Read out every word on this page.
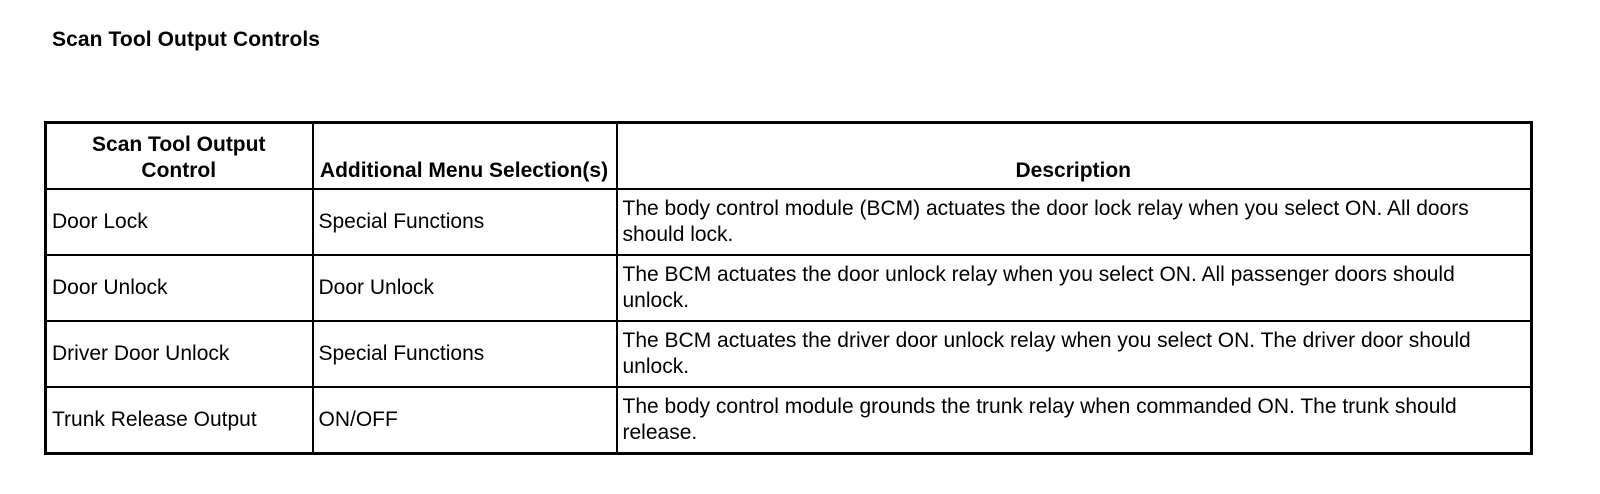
Scan Tool Output Controls
Scan Tool Output Control	Additional Menu Selection(s)	Description
Door Lock	Special Functions	The body control module (BCM) actuates the door lock relay when you select ON. All doors should lock.
Door Unlock	Door Unlock	The BCM actuates the door unlock relay when you select ON. All passenger doors should unlock.
Driver Door Unlock	Special Functions	The BCM actuates the driver door unlock relay when you select ON. The driver door should unlock.
Trunk Release Output	ON/OFF	The body control module grounds the trunk relay when commanded ON. The trunk should release.
